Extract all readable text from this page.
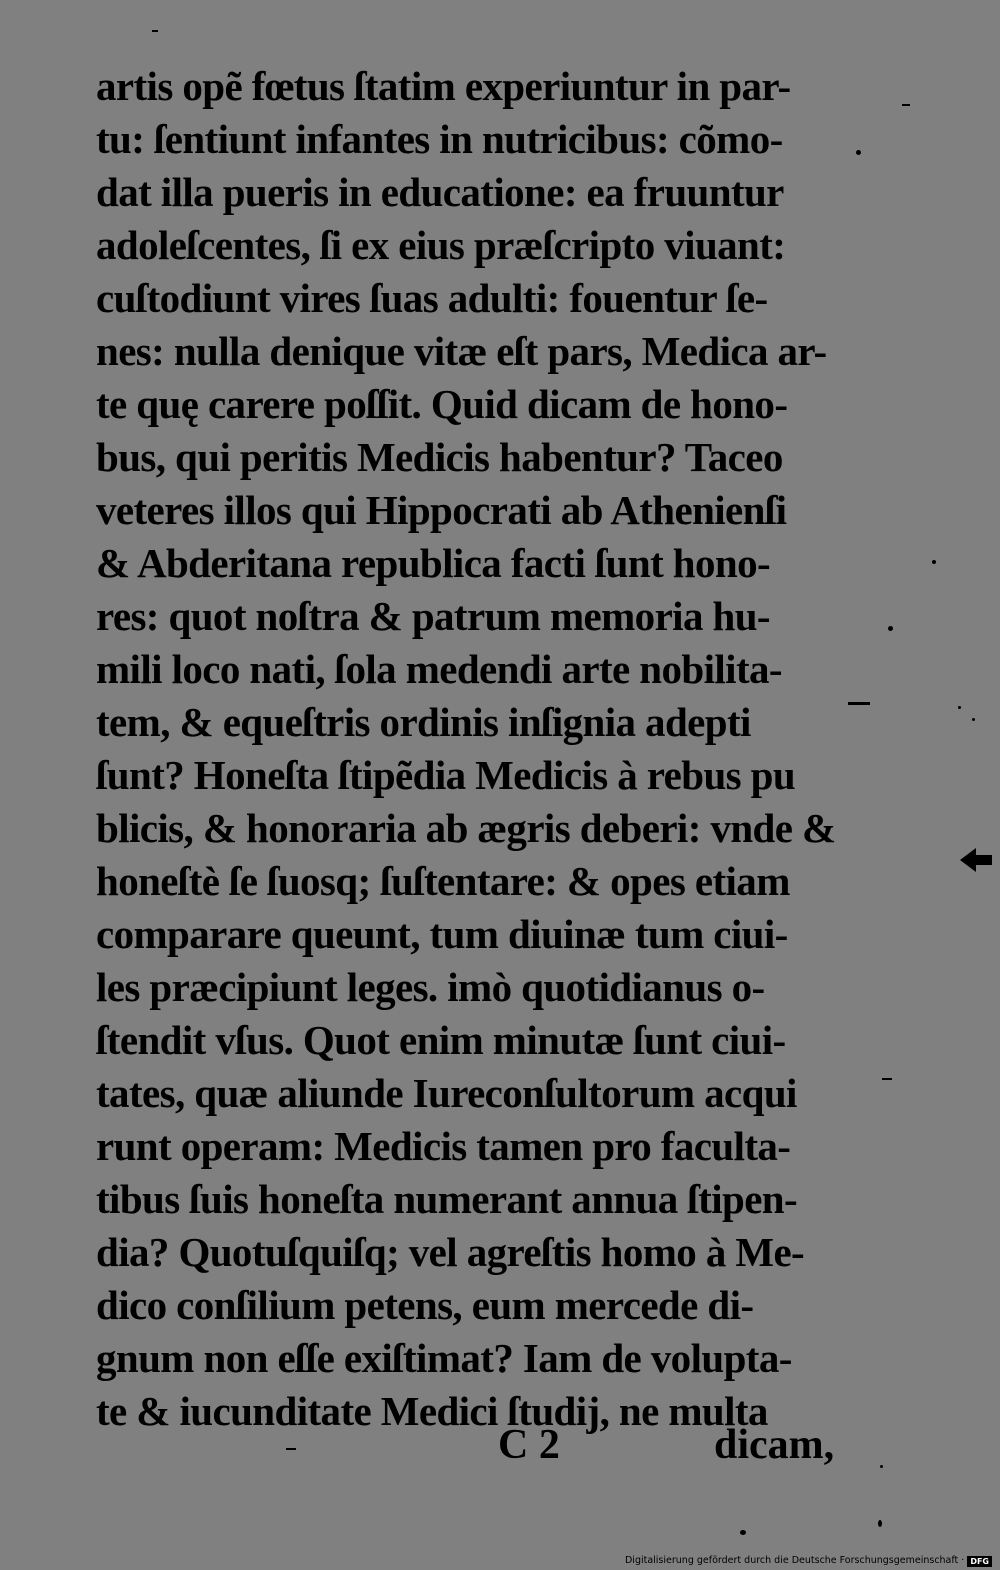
artis opẽ fœtus ſtatim experiuntur in par-
tu: ſentiunt infantes in nutricibus: cõmo-
dat illa pueris in educatione: ea fruuntur
adoleſcentes, ſi ex eius præſcripto viuant:
cuſtodiunt vires ſuas adulti: fouentur ſe-
nes: nulla denique vitæ eſt pars, Medica ar-
te quę carere poſſit. Quid dicam de hono-
bus, qui peritis Medicis habentur? Taceo
veteres illos qui Hippocrati ab Athenienſi
& Abderitana republica facti ſunt hono-
res: quot noſtra & patrum memoria hu-
mili loco nati, ſola medendi arte nobilita-
tem, & equeſtris ordinis inſignia adepti
ſunt? Honeſta ſtipẽdia Medicis à rebus pu
blicis, & honoraria ab ægris deberi: vnde &
honeſtè ſe ſuosq; ſuſtentare: & opes etiam
comparare queunt, tum diuinæ tum ciui-
les præcipiunt leges. imò quotidianus o-
ſtendit vſus. Quot enim minutæ ſunt ciui-
tates, quæ aliunde Iureconſultorum acqui
runt operam: Medicis tamen pro faculta-
tibus ſuis honeſta numerant annua ſtipen-
dia? Quotuſquiſq; vel agreſtis homo à Me-
dico conſilium petens, eum mercede di-
gnum non eſſe exiſtimat? Iam de volupta-
te & iucunditate Medici ſtudij, ne multa
C 2	dicam,
Digitalisierung gefördert durch die Deutsche Forschungsgemeinschaft · DFG
